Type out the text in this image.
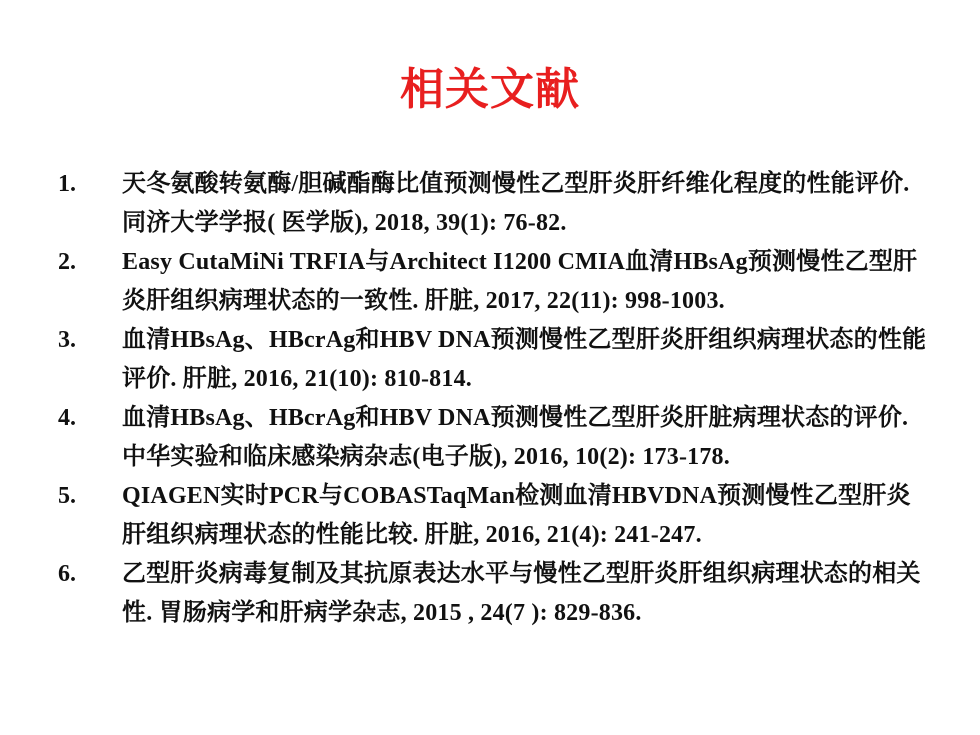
相关文献
1.	天冬氨酸转氨酶/胆碱酯酶比值预测慢性乙型肝炎肝纤维化程度的性能评价. 同济大学学报( 医学版), 2018, 39(1): 76-82.
2.	Easy CutaMiNi TRFIA与Architect I1200 CMIA血清HBsAg预测慢性乙型肝炎肝组织病理状态的一致性. 肝脏, 2017, 22(11): 998-1003.
3.	血清HBsAg、HBcrAg和HBV DNA预测慢性乙型肝炎肝组织病理状态的性能评价. 肝脏, 2016, 21(10): 810-814.
4.	血清HBsAg、HBcrAg和HBV DNA预测慢性乙型肝炎肝脏病理状态的评价. 中华实验和临床感染病杂志(电子版), 2016, 10(2): 173-178.
5.	QIAGEN实时PCR与COBASTaqMan检测血清HBVDNA预测慢性乙型肝炎肝组织病理状态的性能比较. 肝脏, 2016, 21(4): 241-247.
6.	乙型肝炎病毒复制及其抗原表达水平与慢性乙型肝炎肝组织病理状态的相关性. 胃肠病学和肝病学杂志, 2015 , 24(7 ): 829-836.
